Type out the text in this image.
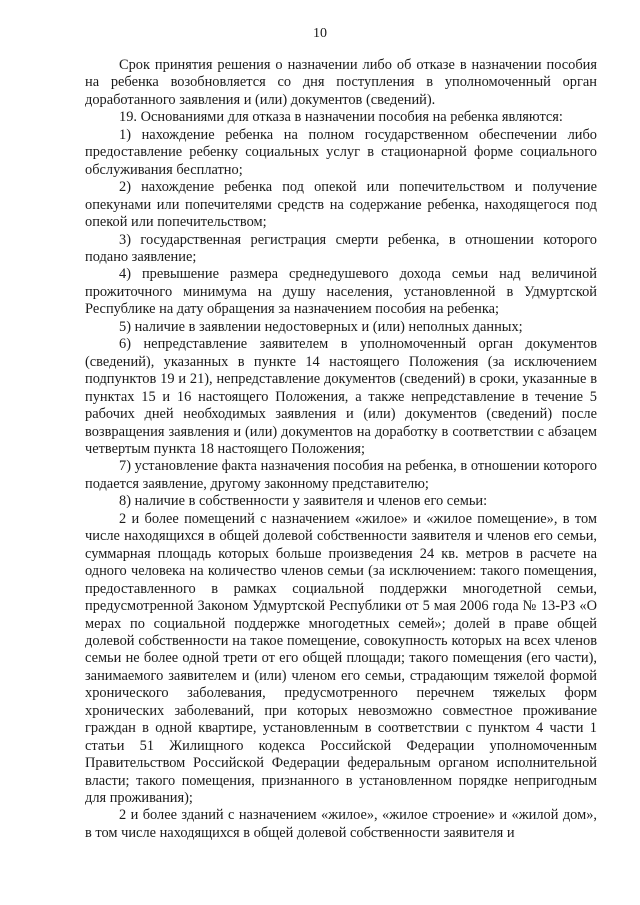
10

Срок принятия решения о назначении либо об отказе в назначении пособия на ребенка возобновляется со дня поступления в уполномоченный орган доработанного заявления и (или) документов (сведений).

19. Основаниями для отказа в назначении пособия на ребенка являются:

1) нахождение ребенка на полном государственном обеспечении либо предоставление ребенку социальных услуг в стационарной форме социального обслуживания бесплатно;

2) нахождение ребенка под опекой или попечительством и получение опекунами или попечителями средств на содержание ребенка, находящегося под опекой или попечительством;

3) государственная регистрация смерти ребенка, в отношении которого подано заявление;

4) превышение размера среднедушевого дохода семьи над величиной прожиточного минимума на душу населения, установленной в Удмуртской Республике на дату обращения за назначением пособия на ребенка;

5) наличие в заявлении недостоверных и (или) неполных данных;

6) непредставление заявителем в уполномоченный орган документов (сведений), указанных в пункте 14 настоящего Положения (за исключением подпунктов 19 и 21), непредставление документов (сведений) в сроки, указанные в пунктах 15 и 16 настоящего Положения, а также непредставление в течение 5 рабочих дней необходимых заявления и (или) документов (сведений) после возвращения заявления и (или) документов на доработку в соответствии с абзацем четвертым пункта 18 настоящего Положения;

7) установление факта назначения пособия на ребенка, в отношении которого подается заявление, другому законному представителю;

8) наличие в собственности у заявителя и членов его семьи:

2 и более помещений с назначением «жилое» и «жилое помещение», в том числе находящихся в общей долевой собственности заявителя и членов его семьи, суммарная площадь которых больше произведения 24 кв. метров в расчете на одного человека на количество членов семьи (за исключением: такого помещения, предоставленного в рамках социальной поддержки многодетной семьи, предусмотренной Законом Удмуртской Республики от 5 мая 2006 года № 13-РЗ «О мерах по социальной поддержке многодетных семей»; долей в праве общей долевой собственности на такое помещение, совокупность которых на всех членов семьи не более одной трети от его общей площади; такого помещения (его части), занимаемого заявителем и (или) членом его семьи, страдающим тяжелой формой хронического заболевания, предусмотренного перечнем тяжелых форм хронических заболеваний, при которых невозможно совместное проживание граждан в одной квартире, установленным в соответствии с пунктом 4 части 1 статьи 51 Жилищного кодекса Российской Федерации уполномоченным Правительством Российской Федерации федеральным органом исполнительной власти; такого помещения, признанного в установленном порядке непригодным для проживания);

2 и более зданий с назначением «жилое», «жилое строение» и «жилой дом», в том числе находящихся в общей долевой собственности заявителя и
